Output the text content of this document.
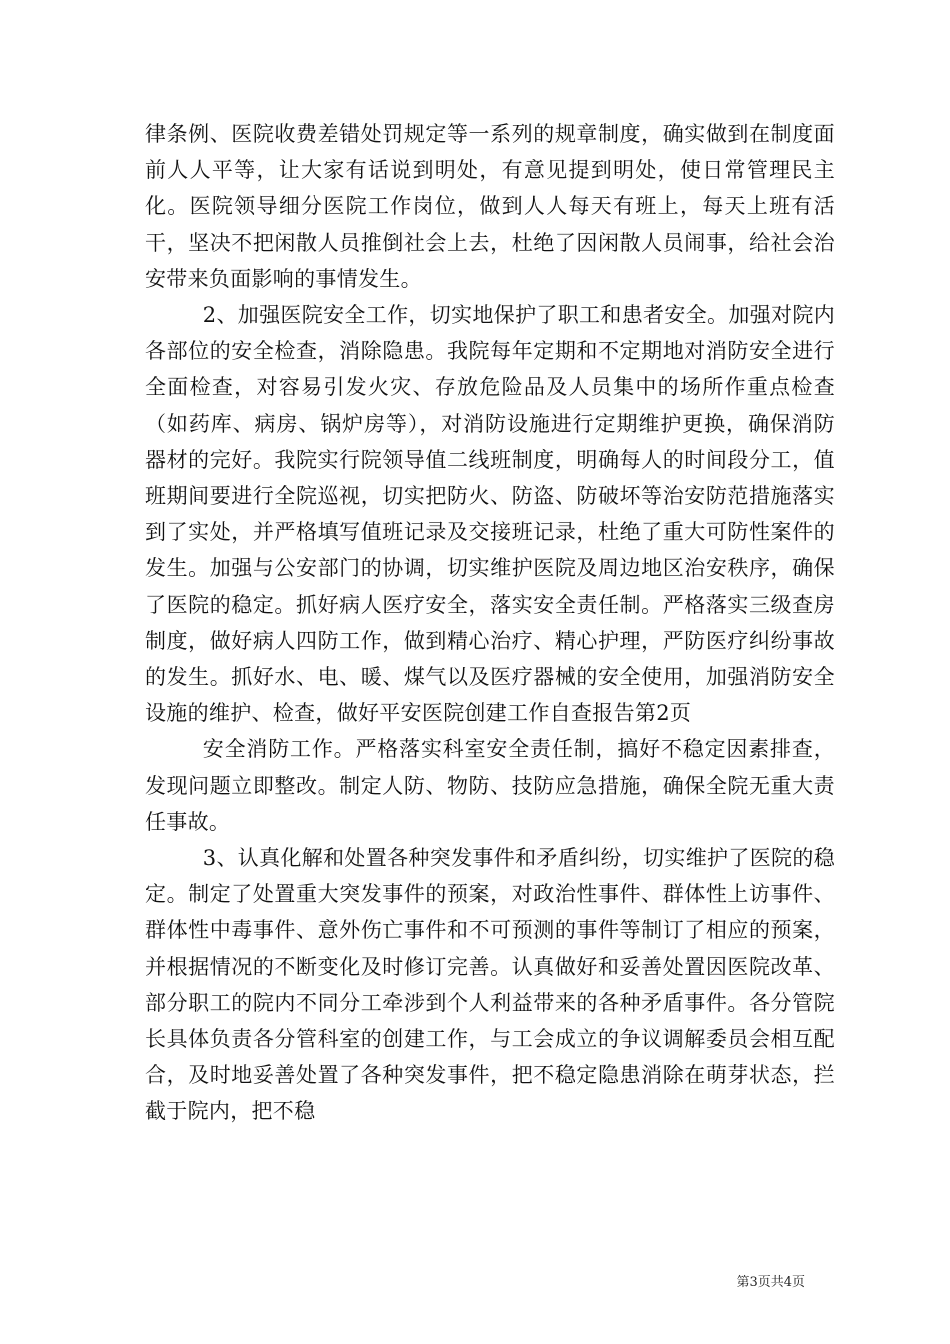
律条例、医院收费差错处罚规定等一系列的规章制度，确实做到在制度面前人人平等，让大家有话说到明处，有意见提到明处，使日常管理民主化。医院领导细分医院工作岗位，做到人人每天有班上，每天上班有活干，坚决不把闲散人员推倒社会上去，杜绝了因闲散人员闹事，给社会治安带来负面影响的事情发生。

2、加强医院安全工作，切实地保护了职工和患者安全。加强对院内各部位的安全检查，消除隐患。我院每年定期和不定期地对消防安全进行全面检查，对容易引发火灾、存放危险品及人员集中的场所作重点检查（如药库、病房、锅炉房等），对消防设施进行定期维护更换，确保消防器材的完好。我院实行院领导值二线班制度，明确每人的时间段分工，值班期间要进行全院巡视，切实把防火、防盗、防破坏等治安防范措施落实到了实处，并严格填写值班记录及交接班记录，杜绝了重大可防性案件的发生。加强与公安部门的协调，切实维护医院及周边地区治安秩序，确保了医院的稳定。抓好病人医疗安全，落实安全责任制。严格落实三级查房制度，做好病人四防工作，做到精心治疗、精心护理，严防医疗纠纷事故的发生。抓好水、电、暖、煤气以及医疗器械的安全使用，加强消防安全设施的维护、检查，做好平安医院创建工作自查报告第2页

安全消防工作。严格落实科室安全责任制，搞好不稳定因素排查，发现问题立即整改。制定人防、物防、技防应急措施，确保全院无重大责任事故。

3、认真化解和处置各种突发事件和矛盾纠纷，切实维护了医院的稳定。制定了处置重大突发事件的预案，对政治性事件、群体性上访事件、群体性中毒事件、意外伤亡事件和不可预测的事件等制订了相应的预案，并根据情况的不断变化及时修订完善。认真做好和妥善处置因医院改革、部分职工的院内不同分工牵涉到个人利益带来的各种矛盾事件。各分管院长具体负责各分管科室的创建工作，与工会成立的争议调解委员会相互配合，及时地妥善处置了各种突发事件，把不稳定隐患消除在萌芽状态，拦截于院内，把不稳

第3页共4页
